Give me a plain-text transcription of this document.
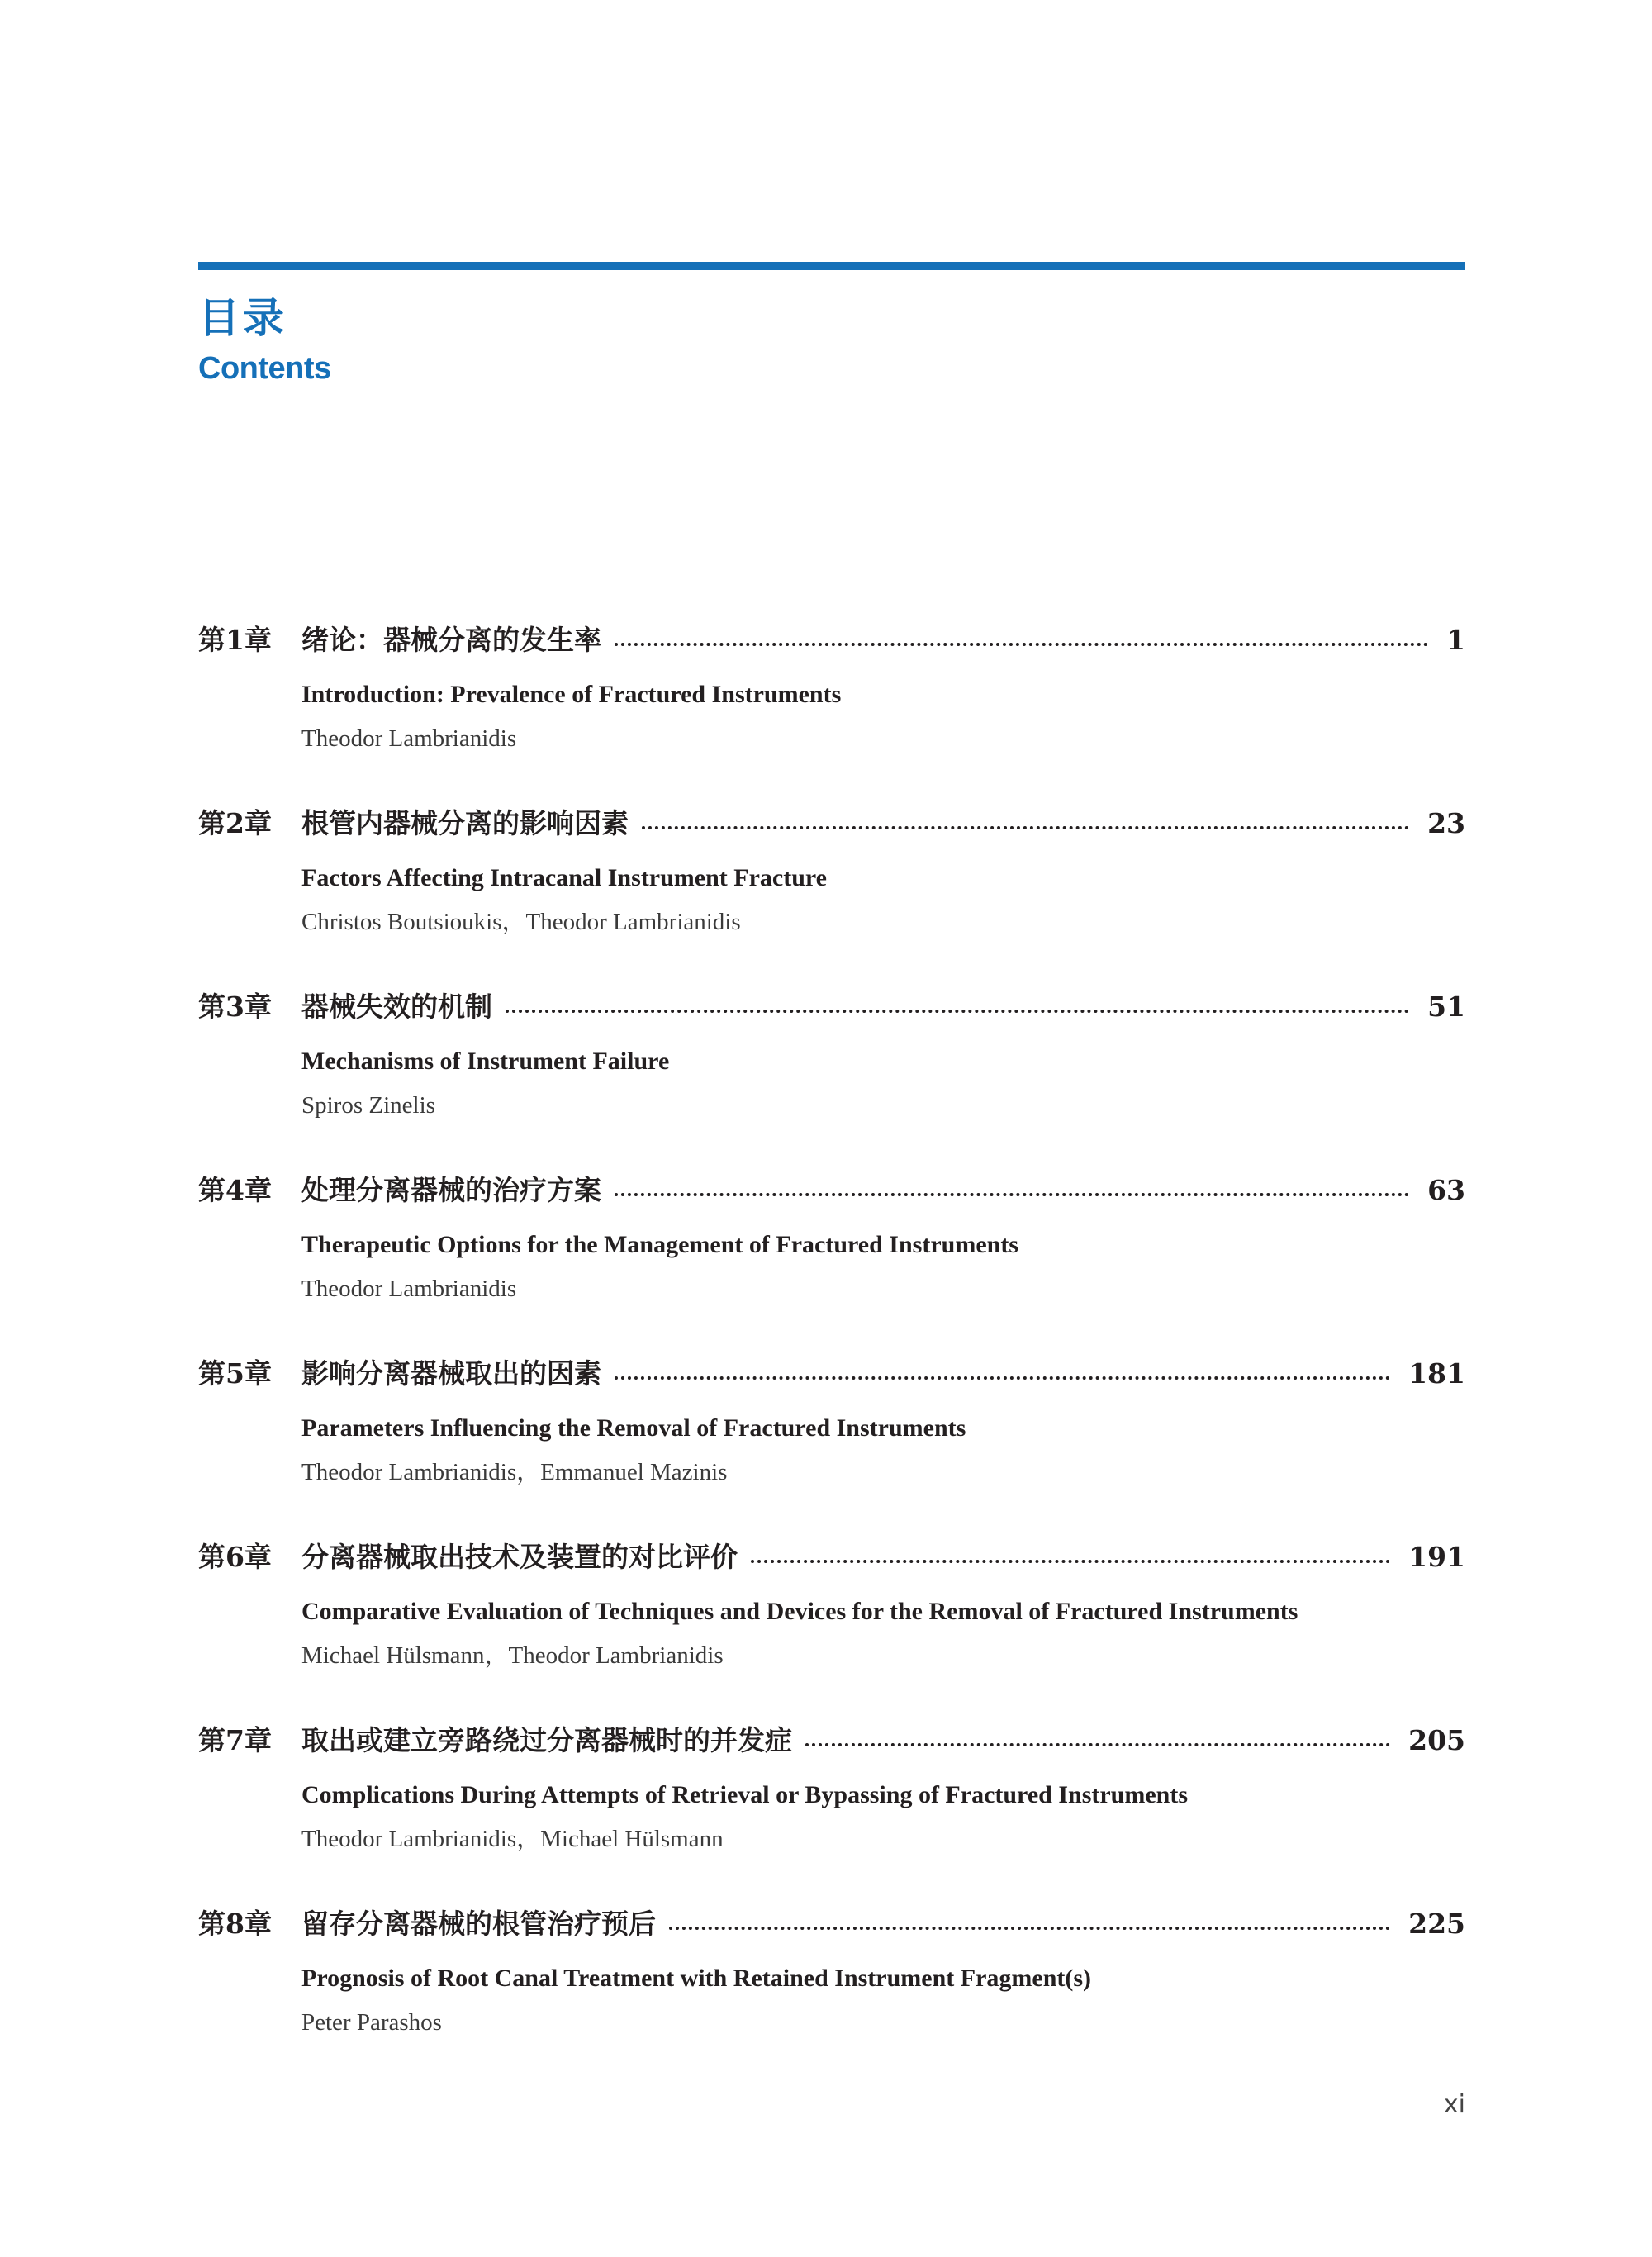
目录
Contents
第1章	绪论：器械分离的发生率	1
Introduction: Prevalence of Fractured Instruments
Theodor Lambrianidis
第2章	根管内器械分离的影响因素	23
Factors Affecting Intracanal Instrument Fracture
Christos Boutsioukis，Theodor Lambrianidis
第3章	器械失效的机制	51
Mechanisms of Instrument Failure
Spiros Zinelis
第4章	处理分离器械的治疗方案	63
Therapeutic Options for the Management of Fractured Instruments
Theodor Lambrianidis
第5章	影响分离器械取出的因素	181
Parameters Influencing the Removal of Fractured Instruments
Theodor Lambrianidis，Emmanuel Mazinis
第6章	分离器械取出技术及装置的对比评价	191
Comparative Evaluation of Techniques and Devices for the Removal of Fractured Instruments
Michael Hülsmann，Theodor Lambrianidis
第7章	取出或建立旁路绕过分离器械时的并发症	205
Complications During Attempts of Retrieval or Bypassing of Fractured Instruments
Theodor Lambrianidis，Michael Hülsmann
第8章	留存分离器械的根管治疗预后	225
Prognosis of Root Canal Treatment with Retained Instrument Fragment(s)
Peter Parashos
xi
